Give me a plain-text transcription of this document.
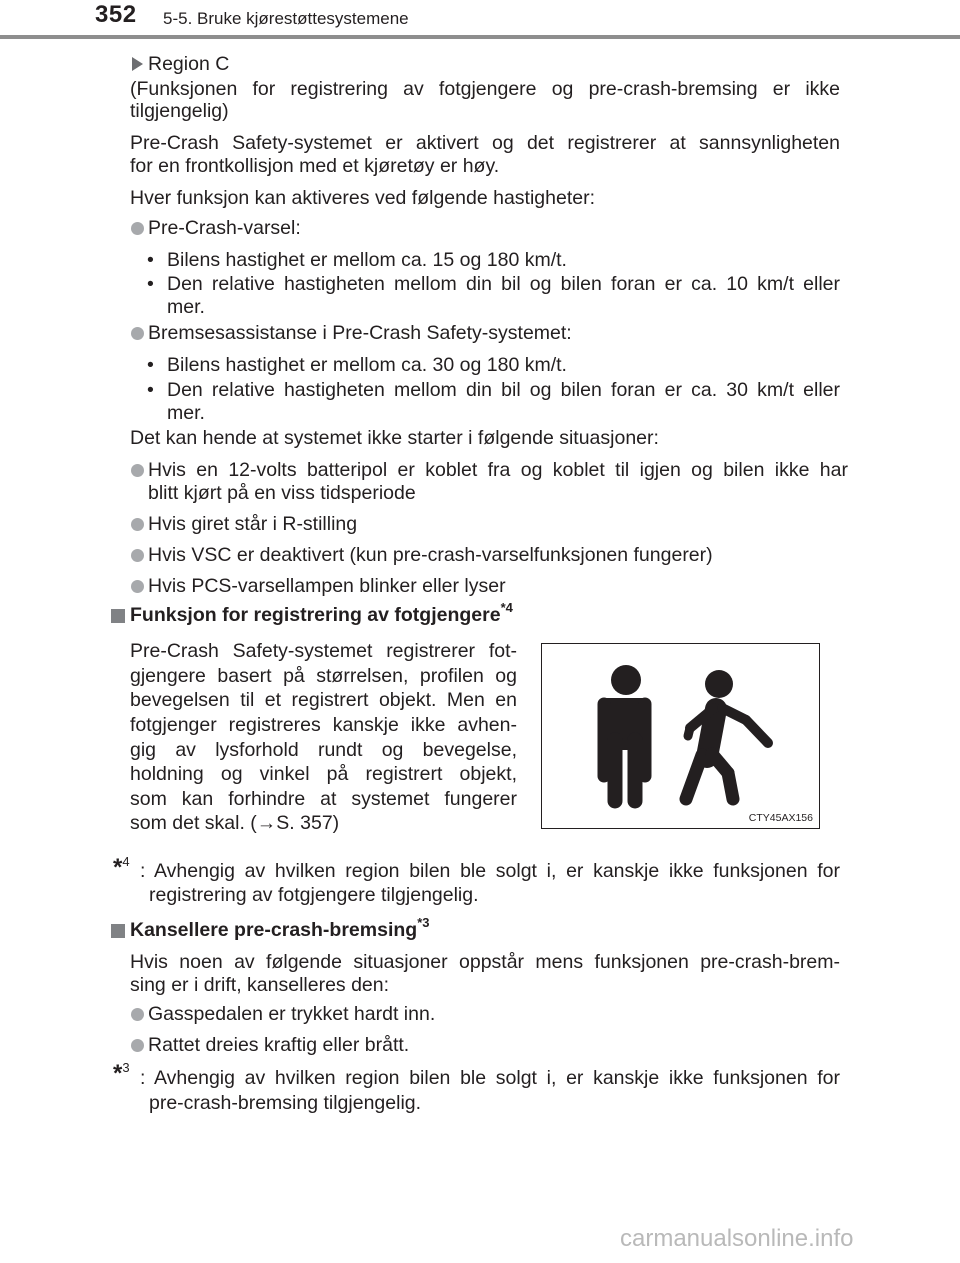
352 5-5. Bruke kjørestøttesystemene
Region C
(Funksjonen for registrering av fotgjengere og pre-crash-bremsing er ikke
tilgjengelig)
Pre-Crash Safety-systemet er aktivert og det registrerer at sannsynligheten
for en frontkollisjon med et kjøretøy er høy.
Hver funksjon kan aktiveres ved følgende hastigheter:
Pre-Crash-varsel:
• Bilens hastighet er mellom ca. 15 og 180 km/t.
• Den relative hastigheten mellom din bil og bilen foran er ca. 10 km/t eller
mer.
Bremsesassistanse i Pre-Crash Safety-systemet:
• Bilens hastighet er mellom ca. 30 og 180 km/t.
• Den relative hastigheten mellom din bil og bilen foran er ca. 30 km/t eller
mer.
Det kan hende at systemet ikke starter i følgende situasjoner:
Hvis en 12-volts batteripol er koblet fra og koblet til igjen og bilen ikke har
blitt kjørt på en viss tidsperiode
Hvis giret står i R-stilling
Hvis VSC er deaktivert (kun pre-crash-varselfunksjonen fungerer)
Hvis PCS-varsellampen blinker eller lyser
Funksjon for registrering av fotgjengere$^{*4}$
Pre-Crash Safety-systemet registrerer fot-
gjengere basert på størrelsen, profilen og
bevegelsen til et registrert objekt. Men en
fotgjenger registreres kanskje ikke avhen-
gig av lysforhold rundt og bevegelse,
holdning og vinkel på registrert objekt,
som kan forhindre at systemet fungerer
som det skal. (→S. 357)	CTY45AX156
*$^4$ : Avhengig av hvilken region bilen ble solgt i, er kanskje ikke funksjonen for
registrering av fotgjengere tilgjengelig.
Kansellere pre-crash-bremsing$^{*3}$
Hvis noen av følgende situasjoner oppstår mens funksjonen pre-crash-brem-
sing er i drift, kanselleres den:
Gasspedalen er trykket hardt inn.
Rattet dreies kraftig eller brått.
*$^3$ : Avhengig av hvilken region bilen ble solgt i, er kanskje ikke funksjonen for
pre-crash-bremsing tilgjengelig.
carmanualsonline.info
